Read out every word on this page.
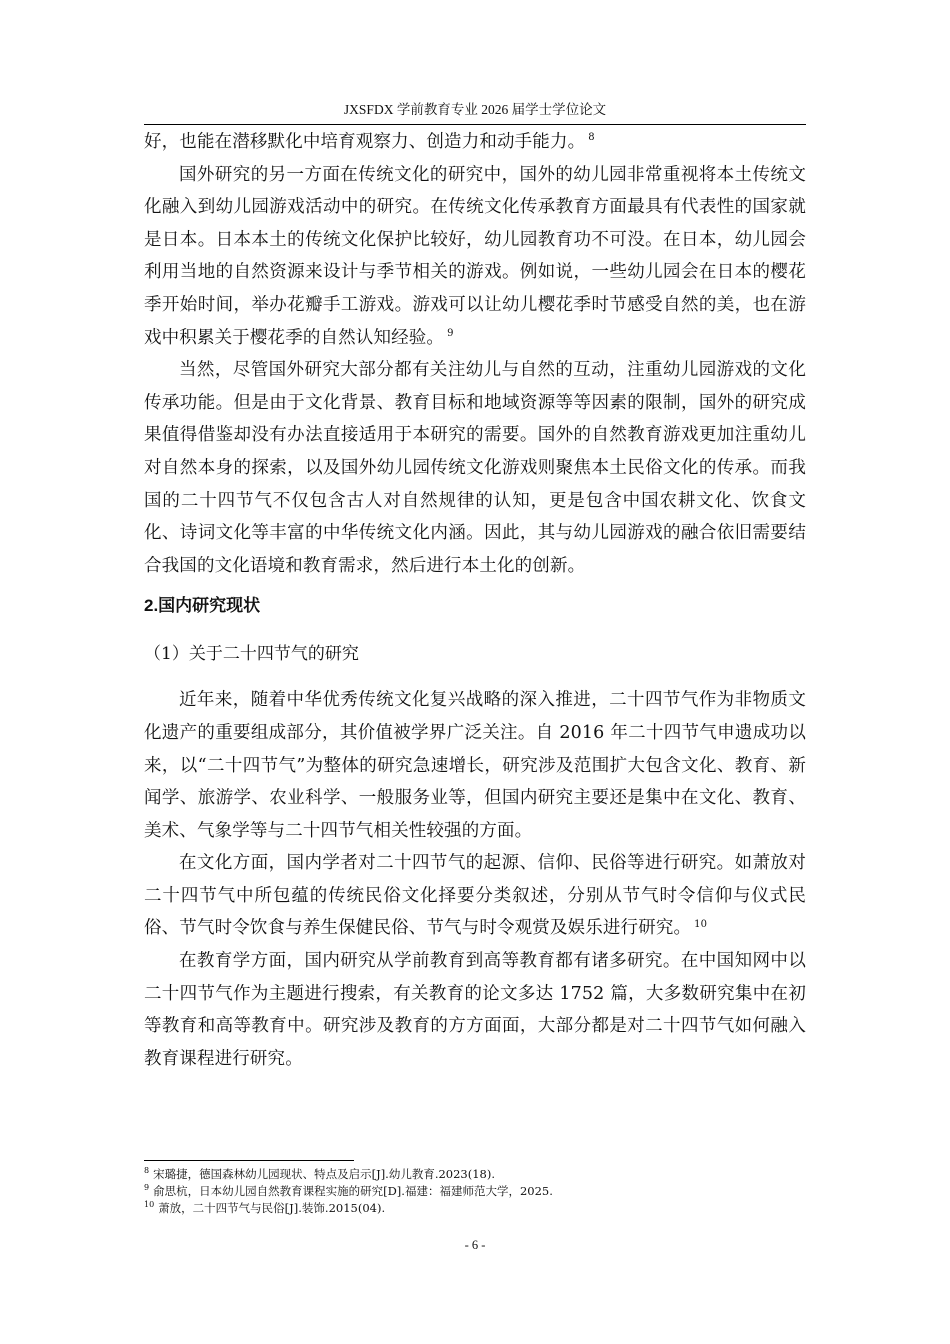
JXSFDX 学前教育专业 2026 届学士学位论文

好，也能在潜移默化中培育观察力、创造力和动手能力。 $^8$

国外研究的另一方面在传统文化的研究中，国外的幼儿园非常重视将本土传统文化融入到幼儿园游戏活动中的研究。在传统文化传承教育方面最具有代表性的国家就是日本。日本本土的传统文化保护比较好，幼儿园教育功不可没。在日本，幼儿园会利用当地的自然资源来设计与季节相关的游戏。例如说，一些幼儿园会在日本的樱花季开始时间，举办花瓣手工游戏。游戏可以让幼儿樱花季时节感受自然的美，也在游戏中积累关于樱花季的自然认知经验。 $^9$

当然，尽管国外研究大部分都有关注幼儿与自然的互动，注重幼儿园游戏的文化传承功能。但是由于文化背景、教育目标和地域资源等等因素的限制，国外的研究成果值得借鉴却没有办法直接适用于本研究的需要。国外的自然教育游戏更加注重幼儿对自然本身的探索，以及国外幼儿园传统文化游戏则聚焦本土民俗文化的传承。而我国的二十四节气不仅包含古人对自然规律的认知，更是包含中国农耕文化、饮食文化、诗词文化等丰富的中华传统文化内涵。因此，其与幼儿园游戏的融合依旧需要结合我国的文化语境和教育需求，然后进行本土化的创新。

2.国内研究现状
（1）关于二十四节气的研究

近年来，随着中华优秀传统文化复兴战略的深入推进，二十四节气作为非物质文化遗产的重要组成部分，其价值被学界广泛关注。自 2016 年二十四节气申遗成功以来，以“二十四节气”为整体的研究急速增长，研究涉及范围扩大包含文化、教育、新闻学、旅游学、农业科学、一般服务业等，但国内研究主要还是集中在文化、教育、美术、气象学等与二十四节气相关性较强的方面。

在文化方面，国内学者对二十四节气的起源、信仰、民俗等进行研究。如萧放对二十四节气中所包蕴的传统民俗文化择要分类叙述，分别从节气时令信仰与仪式民俗、节气时令饮食与养生保健民俗、节气与时令观赏及娱乐进行研究。 $^{10}$

在教育学方面，国内研究从学前教育到高等教育都有诸多研究。在中国知网中以二十四节气作为主题进行搜索，有关教育的论文多达 1752 篇，大多数研究集中在初等教育和高等教育中。研究涉及教育的方方面面，大部分都是对二十四节气如何融入教育课程进行研究。

$^8$ 宋璐捷，德国森林幼儿园现状、特点及启示[J].幼儿教育.2023(18).
$^9$ 俞思杭，日本幼儿园自然教育课程实施的研究[D].福建：福建师范大学，2025.
$^{10}$ 萧放，二十四节气与民俗[J].装饰.2015(04).
- 6 -
